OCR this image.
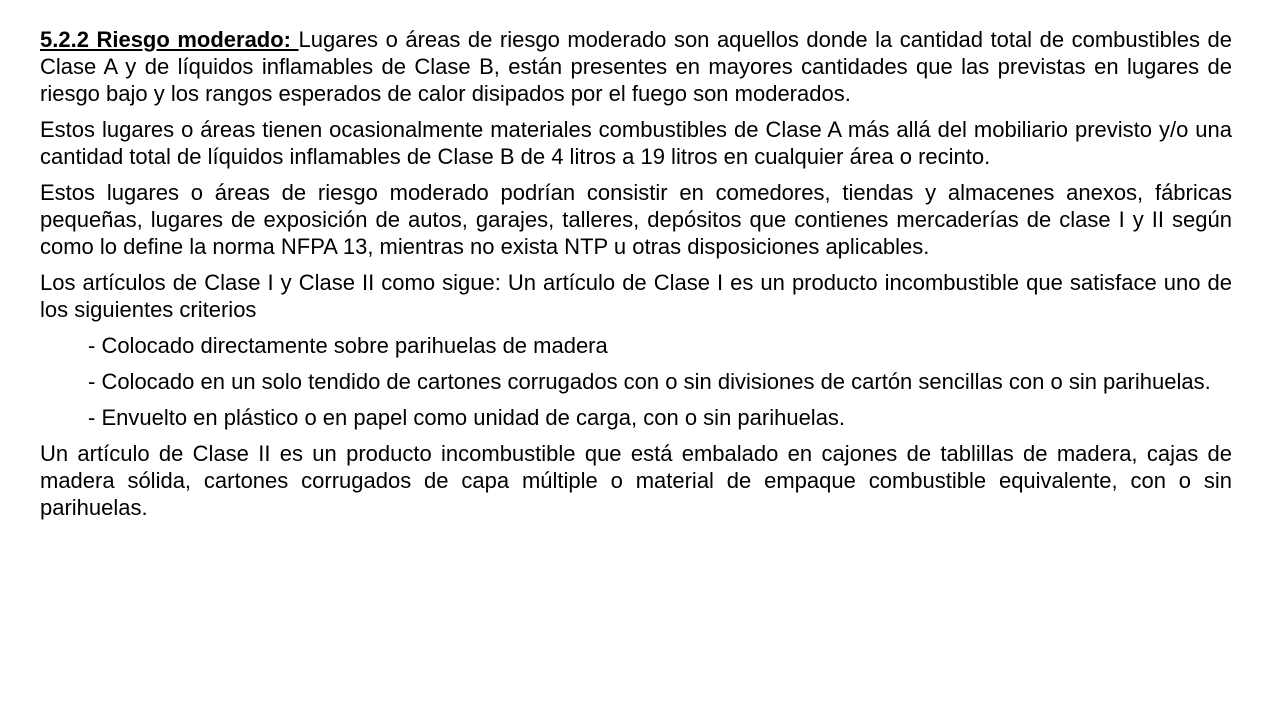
5.2.2 Riesgo moderado: Lugares o áreas de riesgo moderado son aquellos donde la cantidad total de combustibles de Clase A y de líquidos inflamables de Clase B, están presentes en mayores cantidades que las previstas en lugares de riesgo bajo y los rangos esperados de calor disipados por el fuego son moderados.

Estos lugares o áreas tienen ocasionalmente materiales combustibles de Clase A más allá del mobiliario previsto y/o una cantidad total de líquidos inflamables de Clase B de 4 litros a 19 litros en cualquier área o recinto.

Estos lugares o áreas de riesgo moderado podrían consistir en comedores, tiendas y almacenes anexos, fábricas pequeñas, lugares de exposición de autos, garajes, talleres, depósitos que contienes mercaderías de clase I y II según como lo define la norma NFPA 13, mientras no exista NTP u otras disposiciones aplicables.

Los artículos de Clase I y Clase II como sigue: Un artículo de Clase I es un producto incombustible que satisface uno de los siguientes criterios

- Colocado directamente sobre parihuelas de madera

- Colocado en un solo tendido de cartones corrugados con o sin divisiones de cartón sencillas con o sin parihuelas.

- Envuelto en plástico o en papel como unidad de carga, con o sin parihuelas.

Un artículo de Clase II es un producto incombustible que está embalado en cajones de tablillas de madera, cajas de madera sólida, cartones corrugados de capa múltiple o material de empaque combustible equivalente, con o sin parihuelas.
